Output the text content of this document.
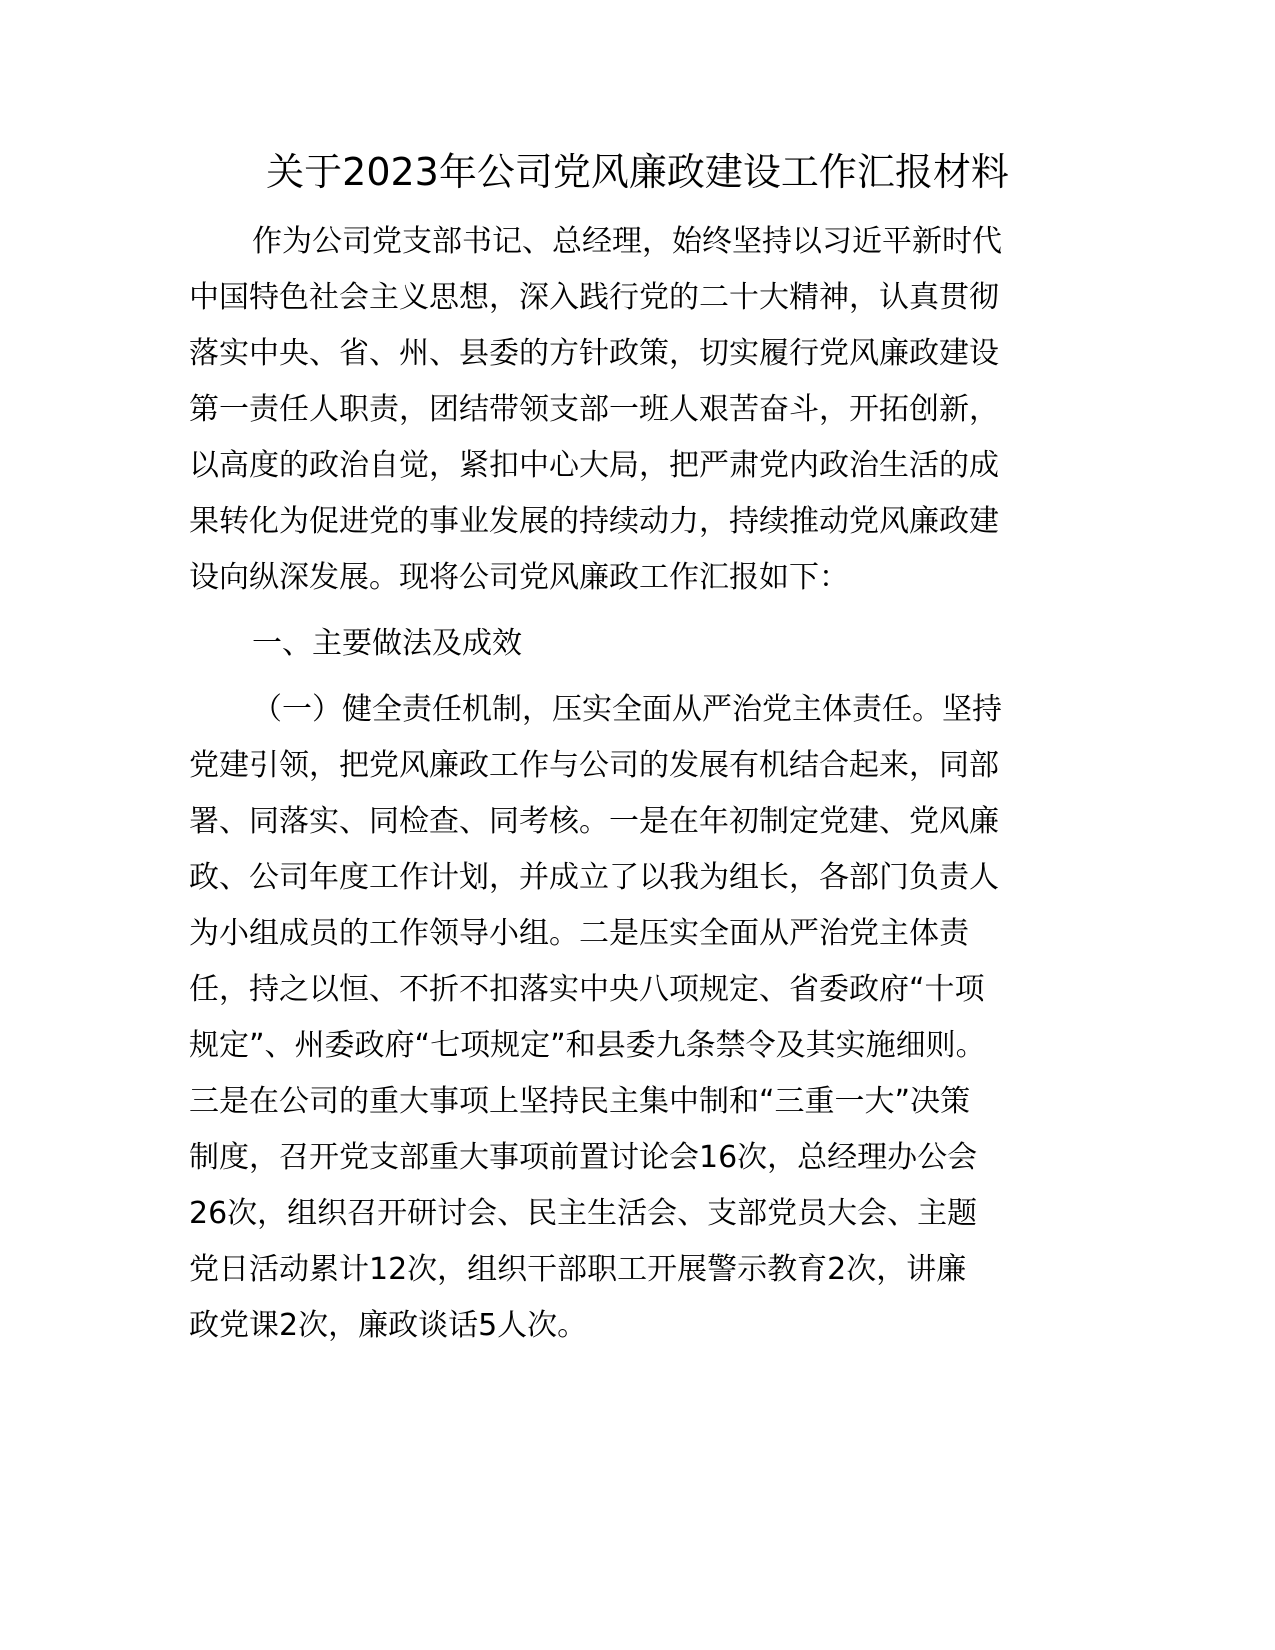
关于2023年公司党风廉政建设工作汇报材料

作为公司党支部书记、总经理，始终坚持以习近平新时代

中国特色社会主义思想，深入践行党的二十大精神，认真贯彻

落实中央、省、州、县委的方针政策，切实履行党风廉政建设

第一责任人职责，团结带领支部一班人艰苦奋斗，开拓创新，

以高度的政治自觉，紧扣中心大局，把严肃党内政治生活的成

果转化为促进党的事业发展的持续动力，持续推动党风廉政建

设向纵深发展。现将公司党风廉政工作汇报如下：

一、主要做法及成效

（一）健全责任机制，压实全面从严治党主体责任。坚持

党建引领，把党风廉政工作与公司的发展有机结合起来，同部

署、同落实、同检查、同考核。一是在年初制定党建、党风廉

政、公司年度工作计划，并成立了以我为组长，各部门负责人

为小组成员的工作领导小组。二是压实全面从严治党主体责

任，持之以恒、不折不扣落实中央八项规定、省委政府“十项

规定”、州委政府“七项规定”和县委九条禁令及其实施细则。

三是在公司的重大事项上坚持民主集中制和“三重一大”决策

制度，召开党支部重大事项前置讨论会16次，总经理办公会

26次，组织召开研讨会、民主生活会、支部党员大会、主题

党日活动累计12次，组织干部职工开展警示教育2次，讲廉

政党课2次，廉政谈话5人次。
